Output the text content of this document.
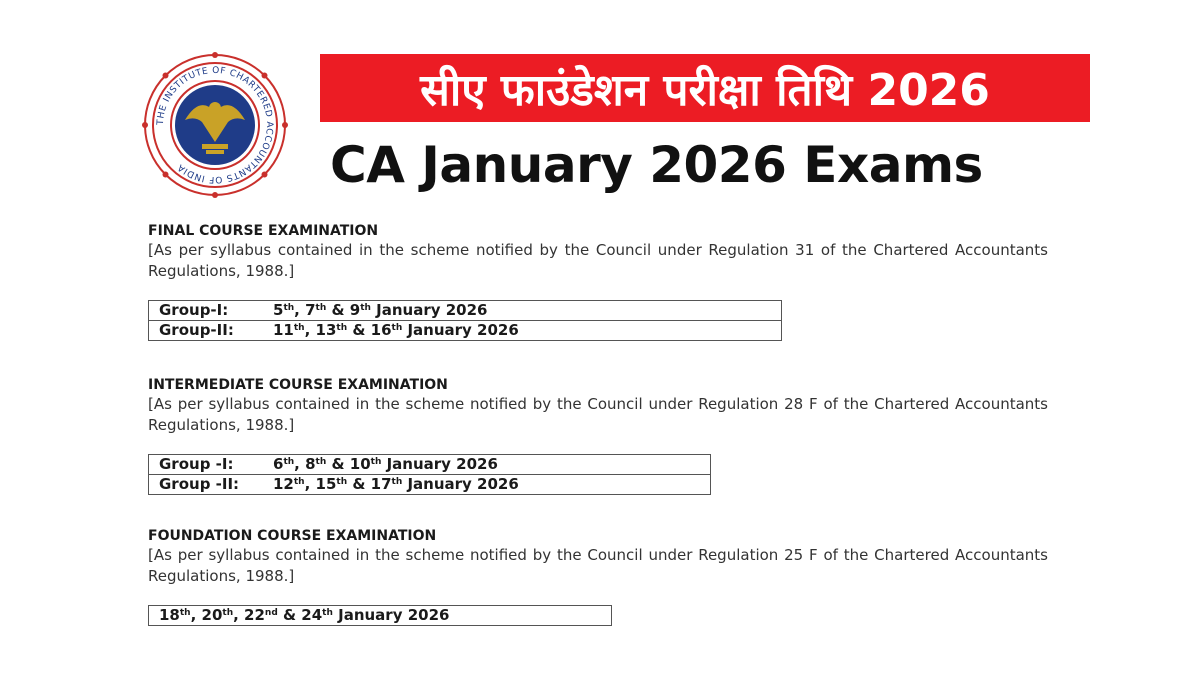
THE INSTITUTE OF CHARTERED ACCOUNTANTS OF INDIA
सीए फाउंडेशन परीक्षा तिथि 2026
CA January 2026 Exams

FINAL COURSE EXAMINATION

[As per syllabus contained in the scheme notified by the Council under Regulation 31 of the Chartered Accountants Regulations, 1988.]

Group-I:	5th, 7th & 9th January 2026
Group-II:	11th, 13th & 16th January 2026

INTERMEDIATE COURSE EXAMINATION

[As per syllabus contained in the scheme notified by the Council under Regulation 28 F of the Chartered Accountants Regulations, 1988.]

Group -I:	6th, 8th & 10th January 2026
Group -II: 12th, 15th & 17th January 2026

FOUNDATION COURSE EXAMINATION

[As per syllabus contained in the scheme notified by the Council under Regulation 25 F of the Chartered Accountants Regulations, 1988.]

18th, 20th, 22nd & 24th January 2026
